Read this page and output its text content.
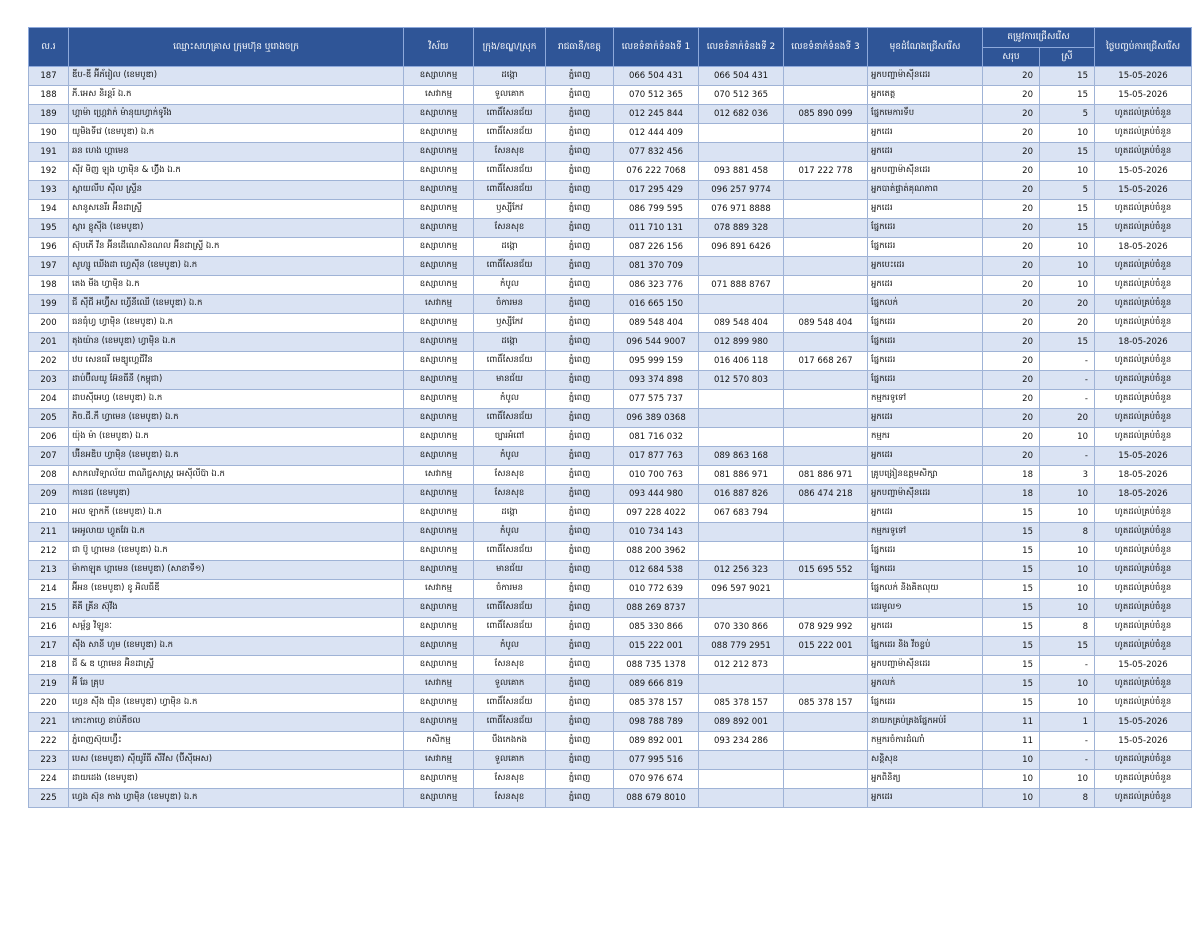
ល.រ	ឈ្មោះសហគ្រាស ក្រុមហ៊ុន ឬរោងចក្រ	វិស័យ	ក្រុង/ខណ្ឌ/ស្រុក	រាជធានី/ខេត្ត	លេខទំនាក់ទំនងទី 1	លេខទំនាក់ទំនងទី 2	លេខទំនាក់ទំនងទី 3	មុខដំណែងជ្រើសរើស	តម្រូវការជ្រើសរើស		ថ្ងៃបញ្ចប់ការជ្រើសរើស
									សរុប	ស្រី	
187	ឌីប-ឌី អ៊ីភ័រៀល (ខេមបូឌា)	ឧស្សាហកម្ម	ដង្កោ	ភ្នំពេញ	066 504 431	066 504 431		អ្នកបញ្ជាម៉ាស៊ីនដេរ	20	15	15-05-2026
188	ភី.អេស និរន្តរ៍ ឯ.ក	សេវាកម្ម	ទួលគោក	ភ្នំពេញ	070 512 365	070 512 365		អ្នកតេត្ត	20	15	15-05-2026
189	ហ្គាម៉ា ហ្គ្រេវាក់ ម៉ានុយហ្វាក់ទូរីង	ឧស្សាហកម្ម	ពោធិ៍សែនជ័យ	ភ្នំពេញ	012 245 844	012 682 036	085 890 099	ផ្នែកមេការទឹប	20	5	ហូតដល់គ្រប់ចំនួន
190	យូមិងទីវេ (ខេមបូឌា) ឯ.ក	ឧស្សាហកម្ម	ពោធិ៍សែនជ័យ	ភ្នំពេញ	012 444 409			អ្នកដេរ	20	10	ហូតដល់គ្រប់ចំនួន
191	ឆន ហេង ហ្គាមេន	ឧស្សាហកម្ម	សែនសុខ	ភ្នំពេញ	077 832 456			អ្នកដេរ	20	15	ហូតដល់គ្រប់ចំនួន
192	ស៊ីវ មិញ ឡុង ហ្វាម៉ិន & ហ៊្វីង ឯ.ក	ឧស្សាហកម្ម	ពោធិ៍សែនជ័យ	ភ្នំពេញ	076 222 7068	093 881 458	017 222 778	អ្នកបញ្ជាម៉ាស៊ីនដេរ	20	10	15-05-2026
193	ស្តាយលីប ស៊ីល ស្ទ្រីន	ឧស្សាហកម្ម	ពោធិ៍សែនជ័យ	ភ្នំពេញ	017 295 429	096 257 9774		អ្នកបាត់ផ្ទាត់គុណភាព	20	5	15-05-2026
194	សានូសនេរីរ អ៊ីនដាស្ទ្រី	ឧស្សាហកម្ម	ឫស្សីកែវ	ភ្នំពេញ	086 799 595	076 971 8888		អ្នកដេរ	20	15	ហូតដល់គ្រប់ចំនួន
195	ស្តារ ខ្លូស៊ីង (ខេមបូឌា)	ឧស្សាហកម្ម	សែនសុខ	ភ្នំពេញ	011 710 131	078 889 328		ផ្នែកដេរ	20	15	ហូតដល់គ្រប់ចំនួន
196	ស៊ុបភើ វីន អ៊ីនដើណេសិនណល អ៊ីនដាស្ទ្រី ឯ.ក	ឧស្សាហកម្ម	ដង្កោ	ភ្នំពេញ	087 226 156	096 891 6426		ផ្នែកដេរ	20	10	18-05-2026
197	សូហ្សូ ឃើងដា ហ្វេស៊ីន (ខេមបូឌា) ឯ.ក	ឧស្សាហកម្ម	ពោធិ៍សែនជ័យ	ភ្នំពេញ	081 370 709			អ្នកបេះដេរ	20	10	ហូតដល់គ្រប់ចំនួន
198	តេង មីង ហ្វាម៉ិន ឯ.ក	ឧស្សាហកម្ម	កំបូល	ភ្នំពេញ	086 323 776	071 888 8767		អ្នកដេរ	20	10	ហូតដល់គ្រប់ចំនួន
199	ជី ស៊ីជី អហ្វ៊ីស ហ្វើនីឈើ (ខេមបូឌា) ឯ.ក	សេវាកម្ម	ចំការមន	ភ្នំពេញ	016 665 150			ផ្នែកលក់	20	20	ហូតដល់គ្រប់ចំនួន
200	ធនធុំហ្វ ហ្វាម៉ិន (ខេមបូឌា) ឯ.ក	ឧស្សាហកម្ម	ឫស្សីកែវ	ភ្នំពេញ	089 548 404	089 548 404	089 548 404	ផ្នែកដេរ	20	20	ហូតដល់គ្រប់ចំនួន
201	តុងយ៉ាន (ខេមបូឌា) ហ្វាម៉ិន ឯ.ក	ឧស្សាហកម្ម	ដង្កោ	ភ្នំពេញ	096 544 9007	012 899 980		ផ្នែកដេរ	20	15	18-05-2026
202	ឋប សេនធរី មេឌ្យូហ្គេជីវិន	ឧស្សាហកម្ម	ពោធិ៍សែនជ័យ	ភ្នំពេញ	095 999 159	016 406 118	017 668 267	ផ្នែកដេរ	20	-	ហូតដល់គ្រប់ចំនួន
203	ដាប់ប៊ីលយូ អ៊ែនធីនី (កម្ពុជា)	ឧស្សាហកម្ម	មានជ័យ	ភ្នំពេញ	093 374 898	012 570 803		ផ្នែកដេរ	20	-	ហូតដល់គ្រប់ចំនួន
204	ដាបស៊ីអេហ្វ (ខេមបូឌា) ឯ.ក	ឧស្សាហកម្ម	កំបូល	ភ្នំពេញ	077 575 737			កម្មករទូទៅ	20	-	ហូតដល់គ្រប់ចំនួន
205	ភិច.ជី.កឹ ហ្វាមេន (ខេមបូឌា) ឯ.ក	ឧស្សាហកម្ម	ពោធិ៍សែនជ័យ	ភ្នំពេញ	096 389 0368			អ្នកដេរ	20	20	ហូតដល់គ្រប់ចំនួន
206	យ៉ុង ម៉ា (ខេមបូឌា) ឯ.ក	ឧស្សាហកម្ម	ច្បារអំពៅ	ភ្នំពេញ	081 716 032			កម្មករ	20	10	ហូតដល់គ្រប់ចំនួន
207	បរ៊ីនអឌិប ហ្វាម៉ិន (ខេមបូឌា) ឯ.ក	ឧស្សាហកម្ម	កំបូល	ភ្នំពេញ	017 877 763	089 863 168		អ្នកដេរ	20	-	15-05-2026
208	សាកលវិទ្យាល័យ ពាណិជ្ជសាស្ត្រ អេស៊ីលីប៊ា ឯ.ក	សេវាកម្ម	សែនសុខ	ភ្នំពេញ	010 700 763	081 886 971	081 886 971	គ្រូបង្រៀនឧត្តមសិក្សា	18	3	18-05-2026
209	កានេជ (ខេមបូឌា)	ឧស្សាហកម្ម	សែនសុខ	ភ្នំពេញ	093 444 980	016 887 826	086 474 218	អ្នកបញ្ជាម៉ាស៊ីនដេរ	18	10	18-05-2026
210	អល ឡាកកី (ខេមបូឌា) ឯ.ក	ឧស្សាហកម្ម	ដង្កោ	ភ្នំពេញ	097 228 4022	067 683 794		អ្នកដេរ	15	10	ហូតដល់គ្រប់ចំនួន
211	អេអូលាយ ហ្វូតវែរ ឯ.ក	ឧស្សាហកម្ម	កំបូល	ភ្នំពេញ	010 734 143			កម្មករទូទៅ	15	8	ហូតដល់គ្រប់ចំនួន
212	ជា ប៊ូ ហ្គាមេន (ខេមបូឌា) ឯ.ក	ឧស្សាហកម្ម	ពោធិ៍សែនជ័យ	ភ្នំពេញ	088 200 3962			ផ្នែកដេរ	15	10	ហូតដល់គ្រប់ចំនួន
213	ម៉ាកាឡុត ហ្គាមេន (ខេមបូឌា) (សាខាទី១)	ឧស្សាហកម្ម	មានជ័យ	ភ្នំពេញ	012 684 538	012 256 323	015 695 552	ផ្នែកដេរ	15	10	ហូតដល់គ្រប់ចំនួន
214	អ៊ីអន (ខេមបូឌា) ខូ អិលធីឌី	សេវាកម្ម	ចំការមន	ភ្នំពេញ	010 772 639	096 597 9021		ផ្នែកលក់ និងគិតលុយ	15	10	ហូតដល់គ្រប់ចំនួន
215	គីគី គ្រីន ស៊ុវីង	ឧស្សាហកម្ម	ពោធិ៍សែនជ័យ	ភ្នំពេញ	088 269 8737			ដេរមួល១	15	10	ហូតដល់គ្រប់ចំនួន
216	សម្ព័ន្ធ វិឡូនៈ	ឧស្សាហកម្ម	ពោធិ៍សែនជ័យ	ភ្នំពេញ	085 330 866	070 330 866	078 929 992	អ្នកដេរ	15	8	ហូតដល់គ្រប់ចំនួន
217	ស៊ីង សានី ហូម (ខេមបូឌា) ឯ.ក	ឧស្សាហកម្ម	កំបូល	ភ្នំពេញ	015 222 001	088 779 2951	015 222 001	ផ្នែកដេរ និង វីចខ្ចប់	15	15	ហូតដល់គ្រប់ចំនួន
218	ជី & ឌ ហ្គាមេន អ៊ិនដាស្ទ្រី	ឧស្សាហកម្ម	សែនសុខ	ភ្នំពេញ	088 735 1378	012 212 873		អ្នកបញ្ជាម៉ាស៊ីនដេរ	15	-	15-05-2026
219	អ៊ី ឆែ គ្រុប	សេវាកម្ម	ទួលគោក	ភ្នំពេញ	089 666 819			អ្នកលក់	15	10	ហូតដល់គ្រប់ចំនួន
220	ហេ្វន ស៊ីង យ៉ិន (ខេមបូឌា) ហ្វាម៉ិន ឯ.ក	ឧស្សាហកម្ម	ពោធិ៍សែនជ័យ	ភ្នំពេញ	085 378 157	085 378 157	085 378 157	ផ្នែកដេរ	15	10	ហូតដល់គ្រប់ចំនួន
221	កោះកាហ្វេ ខាប់ភីថល	ឧស្សាហកម្ម	ពោធិ៍សែនជ័យ	ភ្នំពេញ	098 788 789	089 892 001		នាយកគ្រប់គ្រងផ្នែកអប់រំ	11	1	15-05-2026
222	ភ្នំពេញស៊ុយហ្វ៊ីះ	កសិកម្ម	បឹងកេងកង	ភ្នំពេញ	089 892 001	093 234 286		កម្មករចំការដំណាំ	11	-	15-05-2026
223	បេស (ខេមបូឌា) ស៊ីយូរីធី សឺវីស (ប៊ីស៊ីអេស)	សេវាកម្ម	ទួលគោក	ភ្នំពេញ	077 995 516			សន្តិសុខ	10	-	ហូតដល់គ្រប់ចំនួន
224	ដាយដេង (ខេមបូឌា)	ឧស្សាហកម្ម	សែនសុខ	ភ្នំពេញ	070 976 674			អ្នកពិនិត្យ	10	10	ហូតដល់គ្រប់ចំនួន
225	ហ្វេង ស៊ុន កាង ហ្វាម៉ិន (ខេមបូឌា) ឯ.ក	ឧស្សាហកម្ម	សែនសុខ	ភ្នំពេញ	088 679 8010			អ្នកដេរ	10	8	ហូតដល់គ្រប់ចំនួន
